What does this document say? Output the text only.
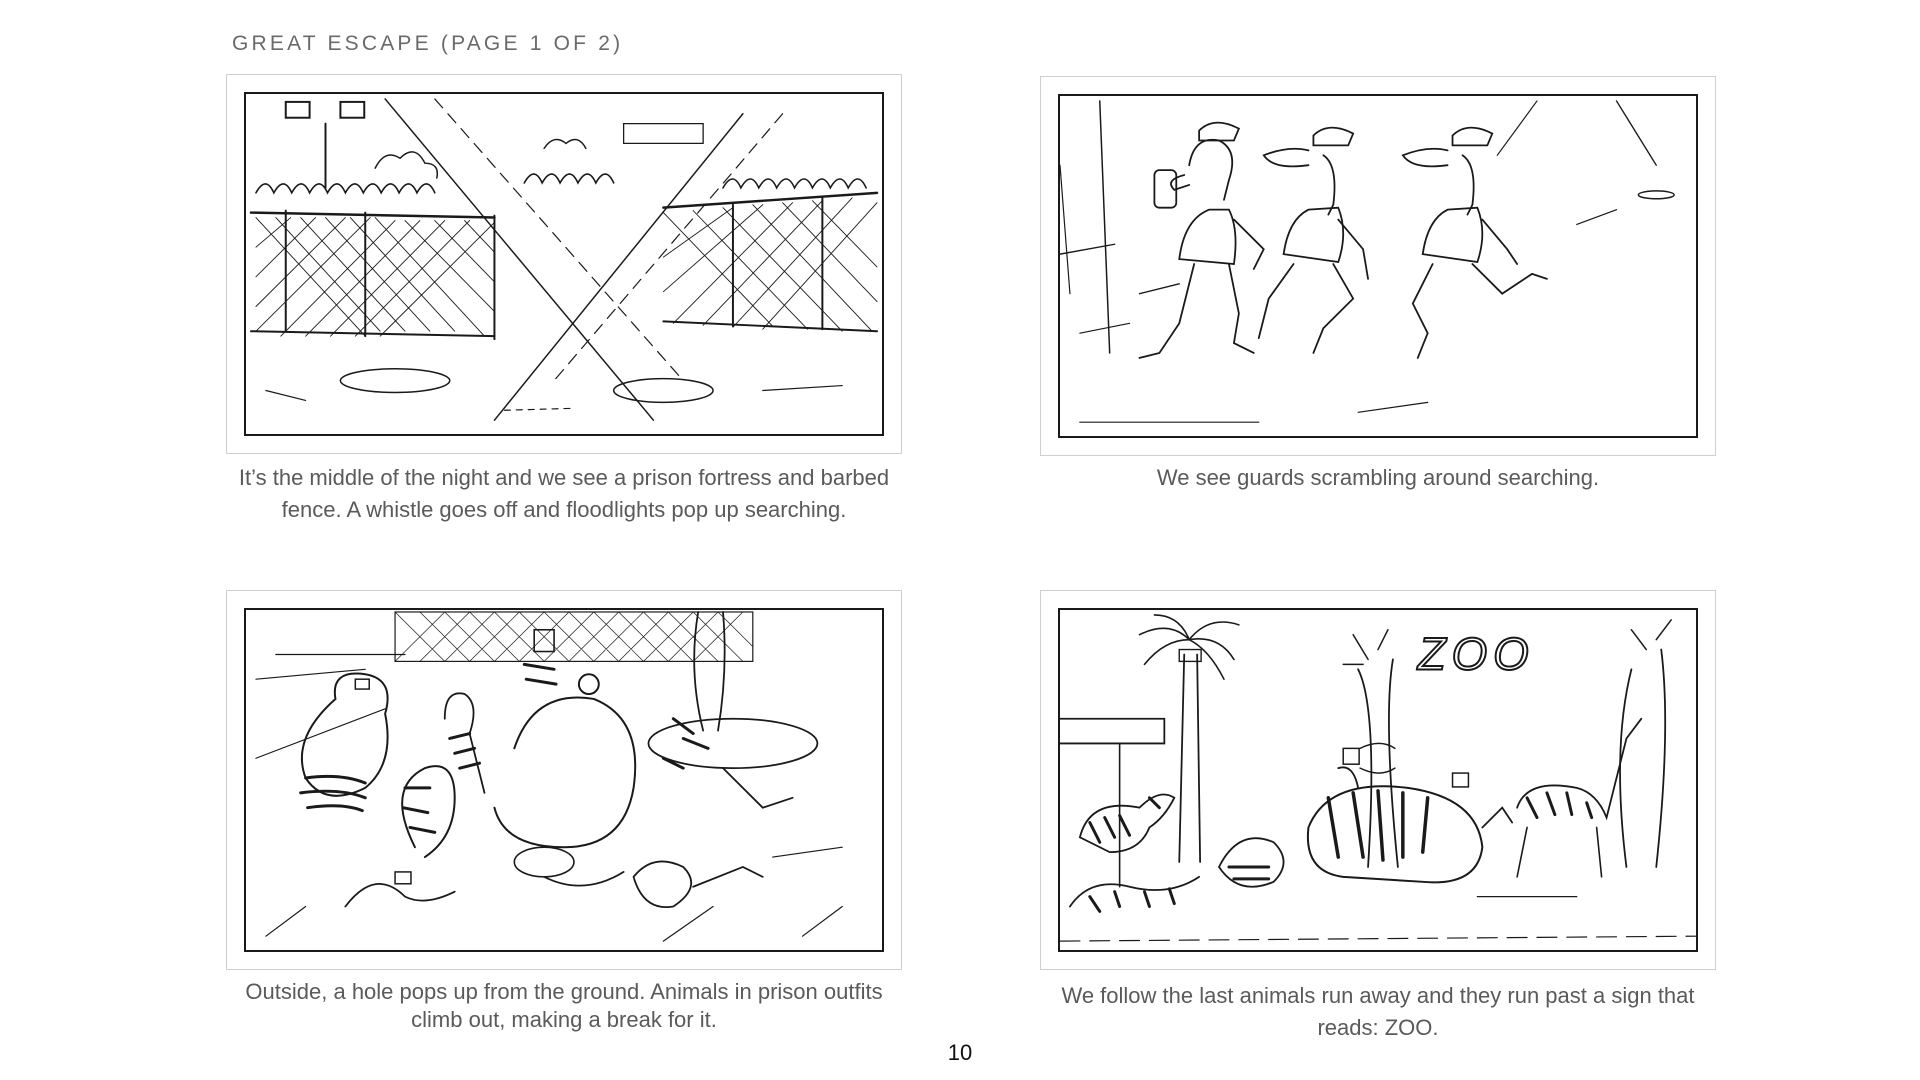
GREAT ESCAPE (PAGE 1 OF 2)
It’s the middle of the night and we see a prison fortress and barbed fence. A whistle goes off and floodlights pop up searching.
We see guards scrambling around searching.
Outside, a hole pops up from the ground. Animals in prison outfits climb out, making a break for it.
ZOO
We follow the last animals run away and they run past a sign that reads: ZOO.
10
